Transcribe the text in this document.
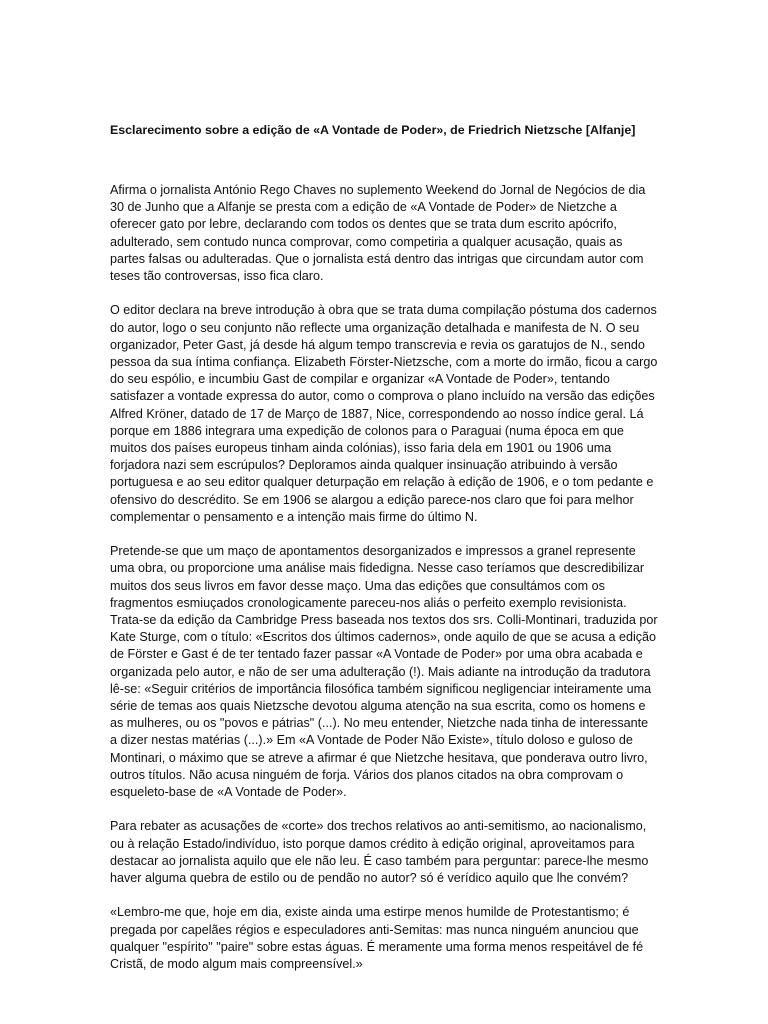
Esclarecimento sobre a edição de «A Vontade de Poder», de Friedrich Nietzsche [Alfanje]

Afirma o jornalista António Rego Chaves no suplemento Weekend do Jornal de Negócios de dia 30 de Junho que a Alfanje se presta com a edição de «A Vontade de Poder» de Nietzche a oferecer gato por lebre, declarando com todos os dentes que se trata dum escrito apócrifo, adulterado, sem contudo nunca comprovar, como competiria a qualquer acusação, quais as partes falsas ou adulteradas. Que o jornalista está dentro das intrigas que circundam autor com teses tão controversas, isso fica claro.

O editor declara na breve introdução à obra que se trata duma compilação póstuma dos cadernos do autor, logo o seu conjunto não reflecte uma organização detalhada e manifesta de N. O seu organizador, Peter Gast, já desde há algum tempo transcrevia e revia os garatujos de N., sendo pessoa da sua íntima confiança. Elizabeth Förster-Nietzsche, com a morte do irmão, ficou a cargo do seu espólio, e incumbiu Gast de compilar e organizar «A Vontade de Poder», tentando satisfazer a vontade expressa do autor, como o comprova o plano incluído na versão das edições Alfred Kröner, datado de 17 de Março de 1887, Nice, correspondendo ao nosso índice geral. Lá porque em 1886 integrara uma expedição de colonos para o Paraguai (numa época em que muitos dos países europeus tinham ainda colónias), isso faria dela em 1901 ou 1906 uma forjadora nazi sem escrúpulos? Deploramos ainda qualquer insinuação atribuindo à versão portuguesa e ao seu editor qualquer deturpação em relação à edição de 1906, e o tom pedante e ofensivo do descrédito. Se em 1906 se alargou a edição parece-nos claro que foi para melhor complementar o pensamento e a intenção mais firme do último N.

Pretende-se que um maço de apontamentos desorganizados e impressos a granel represente uma obra, ou proporcione uma análise mais fidedigna. Nesse caso teríamos que descredibilizar muitos dos seus livros em favor desse maço. Uma das edições que consultámos com os fragmentos esmiuçados cronologicamente pareceu-nos aliás o perfeito exemplo revisionista. Trata-se da edição da Cambridge Press baseada nos textos dos srs. Colli-Montinari, traduzida por Kate Sturge, com o título: «Escritos dos últimos cadernos», onde aquilo de que se acusa a edição de Förster e Gast é de ter tentado fazer passar «A Vontade de Poder» por uma obra acabada e organizada pelo autor, e não de ser uma adulteração (!). Mais adiante na introdução da tradutora lê-se: «Seguir critérios de importância filosófica também significou negligenciar inteiramente uma série de temas aos quais Nietzsche devotou alguma atenção na sua escrita, como os homens e as mulheres, ou os "povos e pátrias" (...). No meu entender, Nietzche nada tinha de interessante a dizer nestas matérias (...).» Em «A Vontade de Poder Não Existe», título doloso e guloso de Montinari, o máximo que se atreve a afirmar é que Nietzche hesitava, que ponderava outro livro, outros títulos. Não acusa ninguém de forja. Vários dos planos citados na obra comprovam o esqueleto-base de «A Vontade de Poder».

Para rebater as acusações de «corte» dos trechos relativos ao anti-semitismo, ao nacionalismo, ou à relação Estado/indivíduo, isto porque damos crédito à edição original, aproveitamos para destacar ao jornalista aquilo que ele não leu. É caso também para perguntar: parece-lhe mesmo haver alguma quebra de estilo ou de pendão no autor? só é verídico aquilo que lhe convém?

«Lembro-me que, hoje em dia, existe ainda uma estirpe menos humilde de Protestantismo; é pregada por capelães régios e especuladores anti-Semitas: mas nunca ninguém anunciou que qualquer "espírito" "paire" sobre estas águas. É meramente uma forma menos respeitável de fé Cristã, de modo algum mais compreensível.»
